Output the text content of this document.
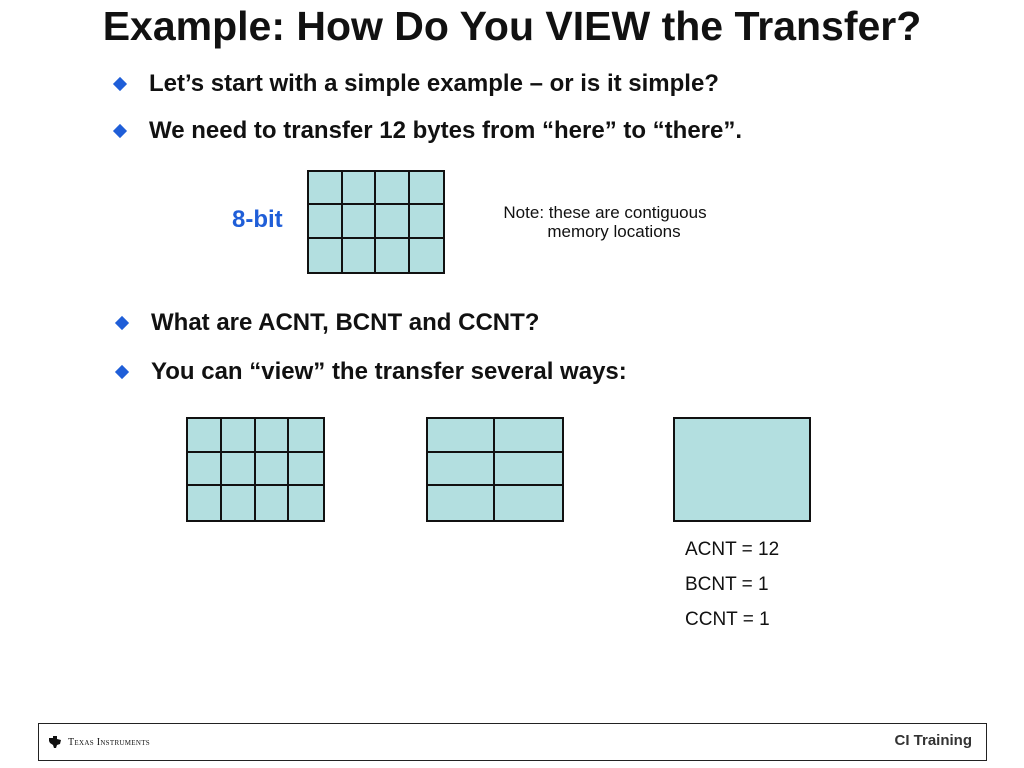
Example: How Do You VIEW the Transfer?
Let’s start with a simple example – or is it simple?
We need to transfer 12 bytes from “here” to “there”.
8-bit	Note: these are contiguous
memory locations
What are ACNT, BCNT and CCNT?
You can “view” the transfer several ways:
ACNT = 12
BCNT = 1
CCNT = 1
Texas Instruments	CI Training
